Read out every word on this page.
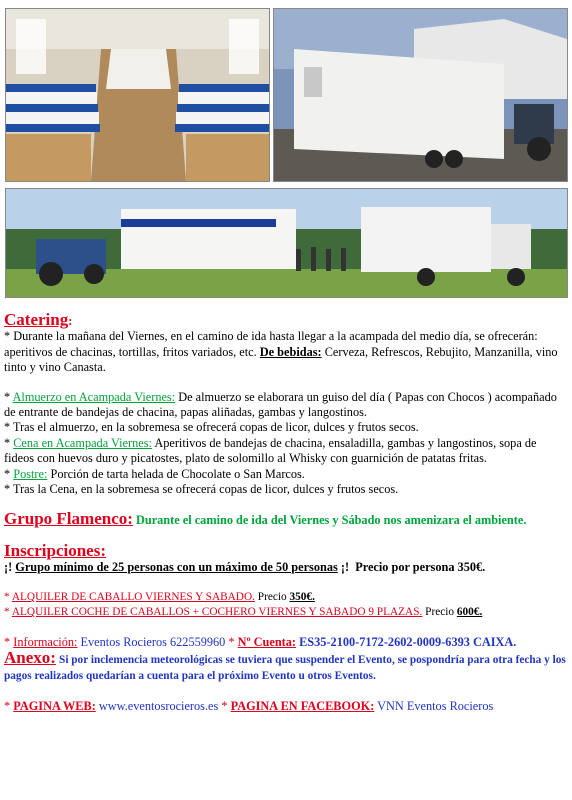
Catering:

* Durante la mañana del Viernes, en el camino de ida hasta llegar a la acampada del medio día, se ofrecerán: aperitivos de chacinas, tortillas, fritos variados, etc. De bebidas: Cerveza, Refrescos, Rebujito, Manzanilla, vino tinto y vino Canasta.

* Almuerzo en Acampada Viernes: De almuerzo se elaborara un guiso del día ( Papas con Chocos ) acompañado de entrante de bandejas de chacina, papas aliñadas, gambas y langostinos.

* Tras el almuerzo, en la sobremesa se ofrecerá copas de licor, dulces y frutos secos.

* Cena en Acampada Viernes: Aperitivos de bandejas de chacina, ensaladilla, gambas y langostinos, sopa de fideos con huevos duro y picatostes, plato de solomillo al Whisky con guarnición de patatas fritas.

* Postre: Porción de tarta helada de Chocolate o San Marcos.

* Tras la Cena, en la sobremesa se ofrecerá copas de licor, dulces y frutos secos.

Grupo Flamenco: Durante el camino de ida del Viernes y Sábado nos amenizara el ambiente.

Inscripciones:

¡! Grupo mínimo de 25 personas con un máximo de 50 personas ¡! Precio por persona 350€.

* ALQUILER DE CABALLO VIERNES Y SABADO. Precio 350€.

* ALQUILER COCHE DE CABALLOS + COCHERO VIERNES Y SABADO 9 PLAZAS. Precio 600€.

* Información: Eventos Rocieros 622559960 * Nº Cuenta: ES35-2100-7172-2602-0009-6393 CAIXA.

Anexo: Si por inclemencia meteorológicas se tuviera que suspender el Evento, se pospondría para otra fecha y los pagos realizados quedarían a cuenta para el próximo Evento u otros Eventos.

* PAGINA WEB: www.eventosrocieros.es * PAGINA EN FACEBOOK: VNN Eventos Rocieros
